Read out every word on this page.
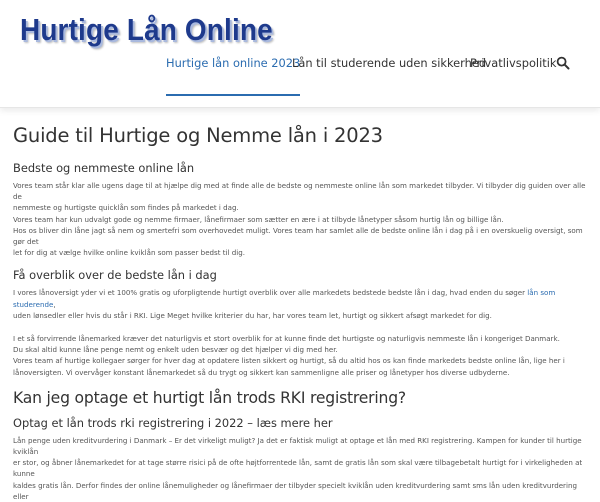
Hurtige Lån Online
Hurtige lån online 2023
Lån til studerende uden sikkerhed
Privatlivspolitik
Guide til Hurtige og Nemme lån i 2023
Bedste og nemmeste online lån

Vores team står klar alle ugens dage til at hjælpe dig med at finde alle de bedste og nemmeste online lån som markedet tilbyder. Vi tilbyder dig guiden over alle de

nemmeste og hurtigste quicklån som findes på markedet i dag.

Vores team har kun udvalgt gode og nemme firmaer, lånefirmaer som sætter en ære i at tilbyde lånetyper såsom hurtig lån og billige lån.

Hos os bliver din låne jagt så nem og smertefri som overhovedet muligt. Vores team har samlet alle de bedste online lån i dag på i en overskuelig oversigt, som gør det

let for dig at vælge hvilke online kviklån som passer bedst til dig.

Få overblik over de bedste lån i dag

I vores lånoversigt yder vi et 100% gratis og uforpligtende hurtigt overblik over alle markedets bedstede bedste lån i dag, hvad enden du søger lån som studerende,

uden lønsedler eller hvis du står i RKI. Lige Meget hvilke kriterier du har, har vores team let, hurtigt og sikkert afsøgt markedet for dig.

I et så forvirrende lånemarked kræver det naturligvis et stort overblik for at kunne finde det hurtigste og naturligvis nemmeste lån i kongeriget Danmark.

Du skal altid kunne låne penge nemt og enkelt uden besvær og det hjælper vi dig med her.

Vores team af hurtige kollegaer sørger for hver dag at opdatere listen sikkert og hurtigt, så du altid hos os kan finde markedets bedste online lån, lige her i

lånoversigten. Vi overvåger konstant lånemarkedet så du trygt og sikkert kan sammenligne alle priser og lånetyper hos diverse udbyderne.

Kan jeg optage et hurtigt lån trods RKI registrering?
Optag et lån trods rki registrering i 2022 – læs mere her

Lån penge uden kreditvurdering i Danmark – Er det virkeligt muligt? Ja det er faktisk muligt at optage et lån med RKI registrering. Kampen for kunder til hurtige kviklån

er stor, og åbner lånemarkedet for at tage større risici på de ofte højtforrentede lån, samt de gratis lån som skal være tilbagebetalt hurtigt for i virkeligheden at kunne

kaldes gratis lån. Derfor findes der online lånemuligheder og lånefirmaer der tilbyder specielt kviklån uden kreditvurdering samt sms lån uden kreditvurdering eller
